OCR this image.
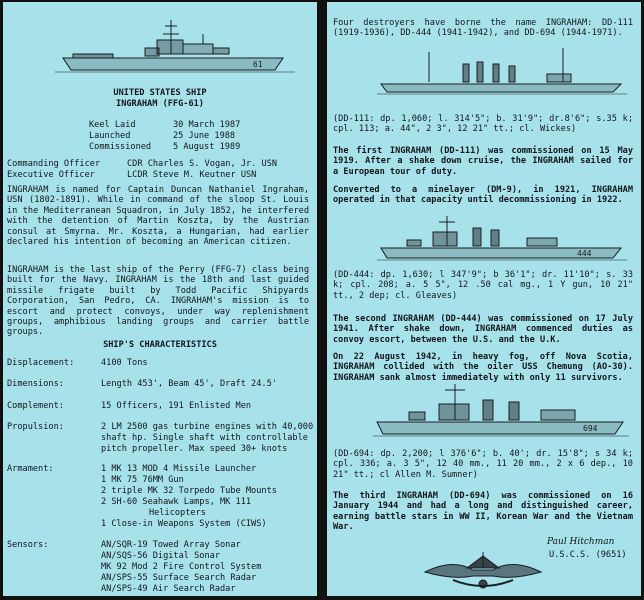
61
UNITED STATES SHIP
INGRAHAM (FFG-61)
Keel Laid	30 March 1987
Launched	25 June 1988
Commissioned	5 August 1989
Commanding Officer	CDR Charles S. Vogan, Jr. USN
Executive Officer	LCDR Steve M. Keutner USN
INGRAHAM is named for Captain Duncan Nathaniel Ingraham, USN (1802-1891). While in command of the sloop St. Louis in the Mediterranean Squadron, in July 1852, he interfered with the detention of Martin Koszta, by the Austrian consul at Smyrna. Mr. Koszta, a Hungarian, had earlier declared his intention of becoming an American citizen.
INGRAHAM is the last ship of the Perry (FFG-7) class being built for the Navy. INGRAHAM is the 18th and last guided missile frigate built by Todd Pacific Shipyards Corporation, San Pedro, CA. INGRAHAM's mission is to escort and protect convoys, under way replenishment groups, amphibious landing groups and carrier battle groups.
SHIP'S CHARACTERISTICS
Displacement:	4100 Tons
Dimensions:	Length 453', Beam 45', Draft 24.5'
Complement:	15 Officers, 191 Enlisted Men
Propulsion:	2 LM 2500 gas turbine engines with 40,000
shaft hp. Single shaft with controllable
pitch propeller. Max speed 30+ knots
Armament:	1 MK 13 MOD 4 Missile Launcher
1 MK 75 76MM Gun
2 triple MK 32 Torpedo Tube Mounts
2 SH-60 Seahawk Lamps, MK 111
Helicopters
1 Close-in Weapons System (CIWS)
Sensors:	AN/SQR-19 Towed Array Sonar
AN/SQS-56 Digital Sonar
MK 92 Mod 2 Fire Control System
AN/SPS-55 Surface Search Radar
AN/SPS-49 Air Search Radar
Four destroyers have borne the name INGRAHAM: DD-111 (1919-1936), DD-444 (1941-1942), and DD-694 (1944-1971).
(DD-111: dp. 1,060; l. 314'5"; b. 31'9"; dr.8'6"; s.35 k; cpl. 113; a. 44", 2 3", 12 21" tt.; cl. Wickes)
The first INGRAHAM (DD-111) was commissioned on 15 May 1919. After a shake down cruise, the INGRAHAM sailed for a European tour of duty.
Converted to a minelayer (DM-9), in 1921, INGRAHAM operated in that capacity until decommissioning in 1922.
444
(DD-444: dp. 1,630; l 347'9"; b 36'1"; dr. 11'10"; s. 33 k; cpl. 208; a. 5 5", 12 .50 cal mg., 1 Y gun, 10 21" tt., 2 dep; cl. Gleaves)
The second INGRAHAM (DD-444) was commissioned on 17 July 1941. After shake down, INGRAHAM commenced duties as convoy escort, between the U.S. and the U.K.
On 22 August 1942, in heavy fog, off Nova Scotia, INGRAHAM collided with the oiler USS Chemung (AO-30). INGRAHAM sank almost immediately with only 11 survivors.
694
(DD-694: dp. 2,200; l 376'6"; b. 40'; dr. 15'8"; s 34 k; cpl. 336; a. 3 5", 12 40 mm., 11 20 mm., 2 x 6 dep., 10 21" tt.; cl Allen M. Sumner)
The third INGRAHAM (DD-694) was commissioned on 16 January 1944 and had a long and distinguished career, earning battle stars in WW II, Korean War and the Vietnam War.
Paul Hitchman
U.S.C.S. (9651)
